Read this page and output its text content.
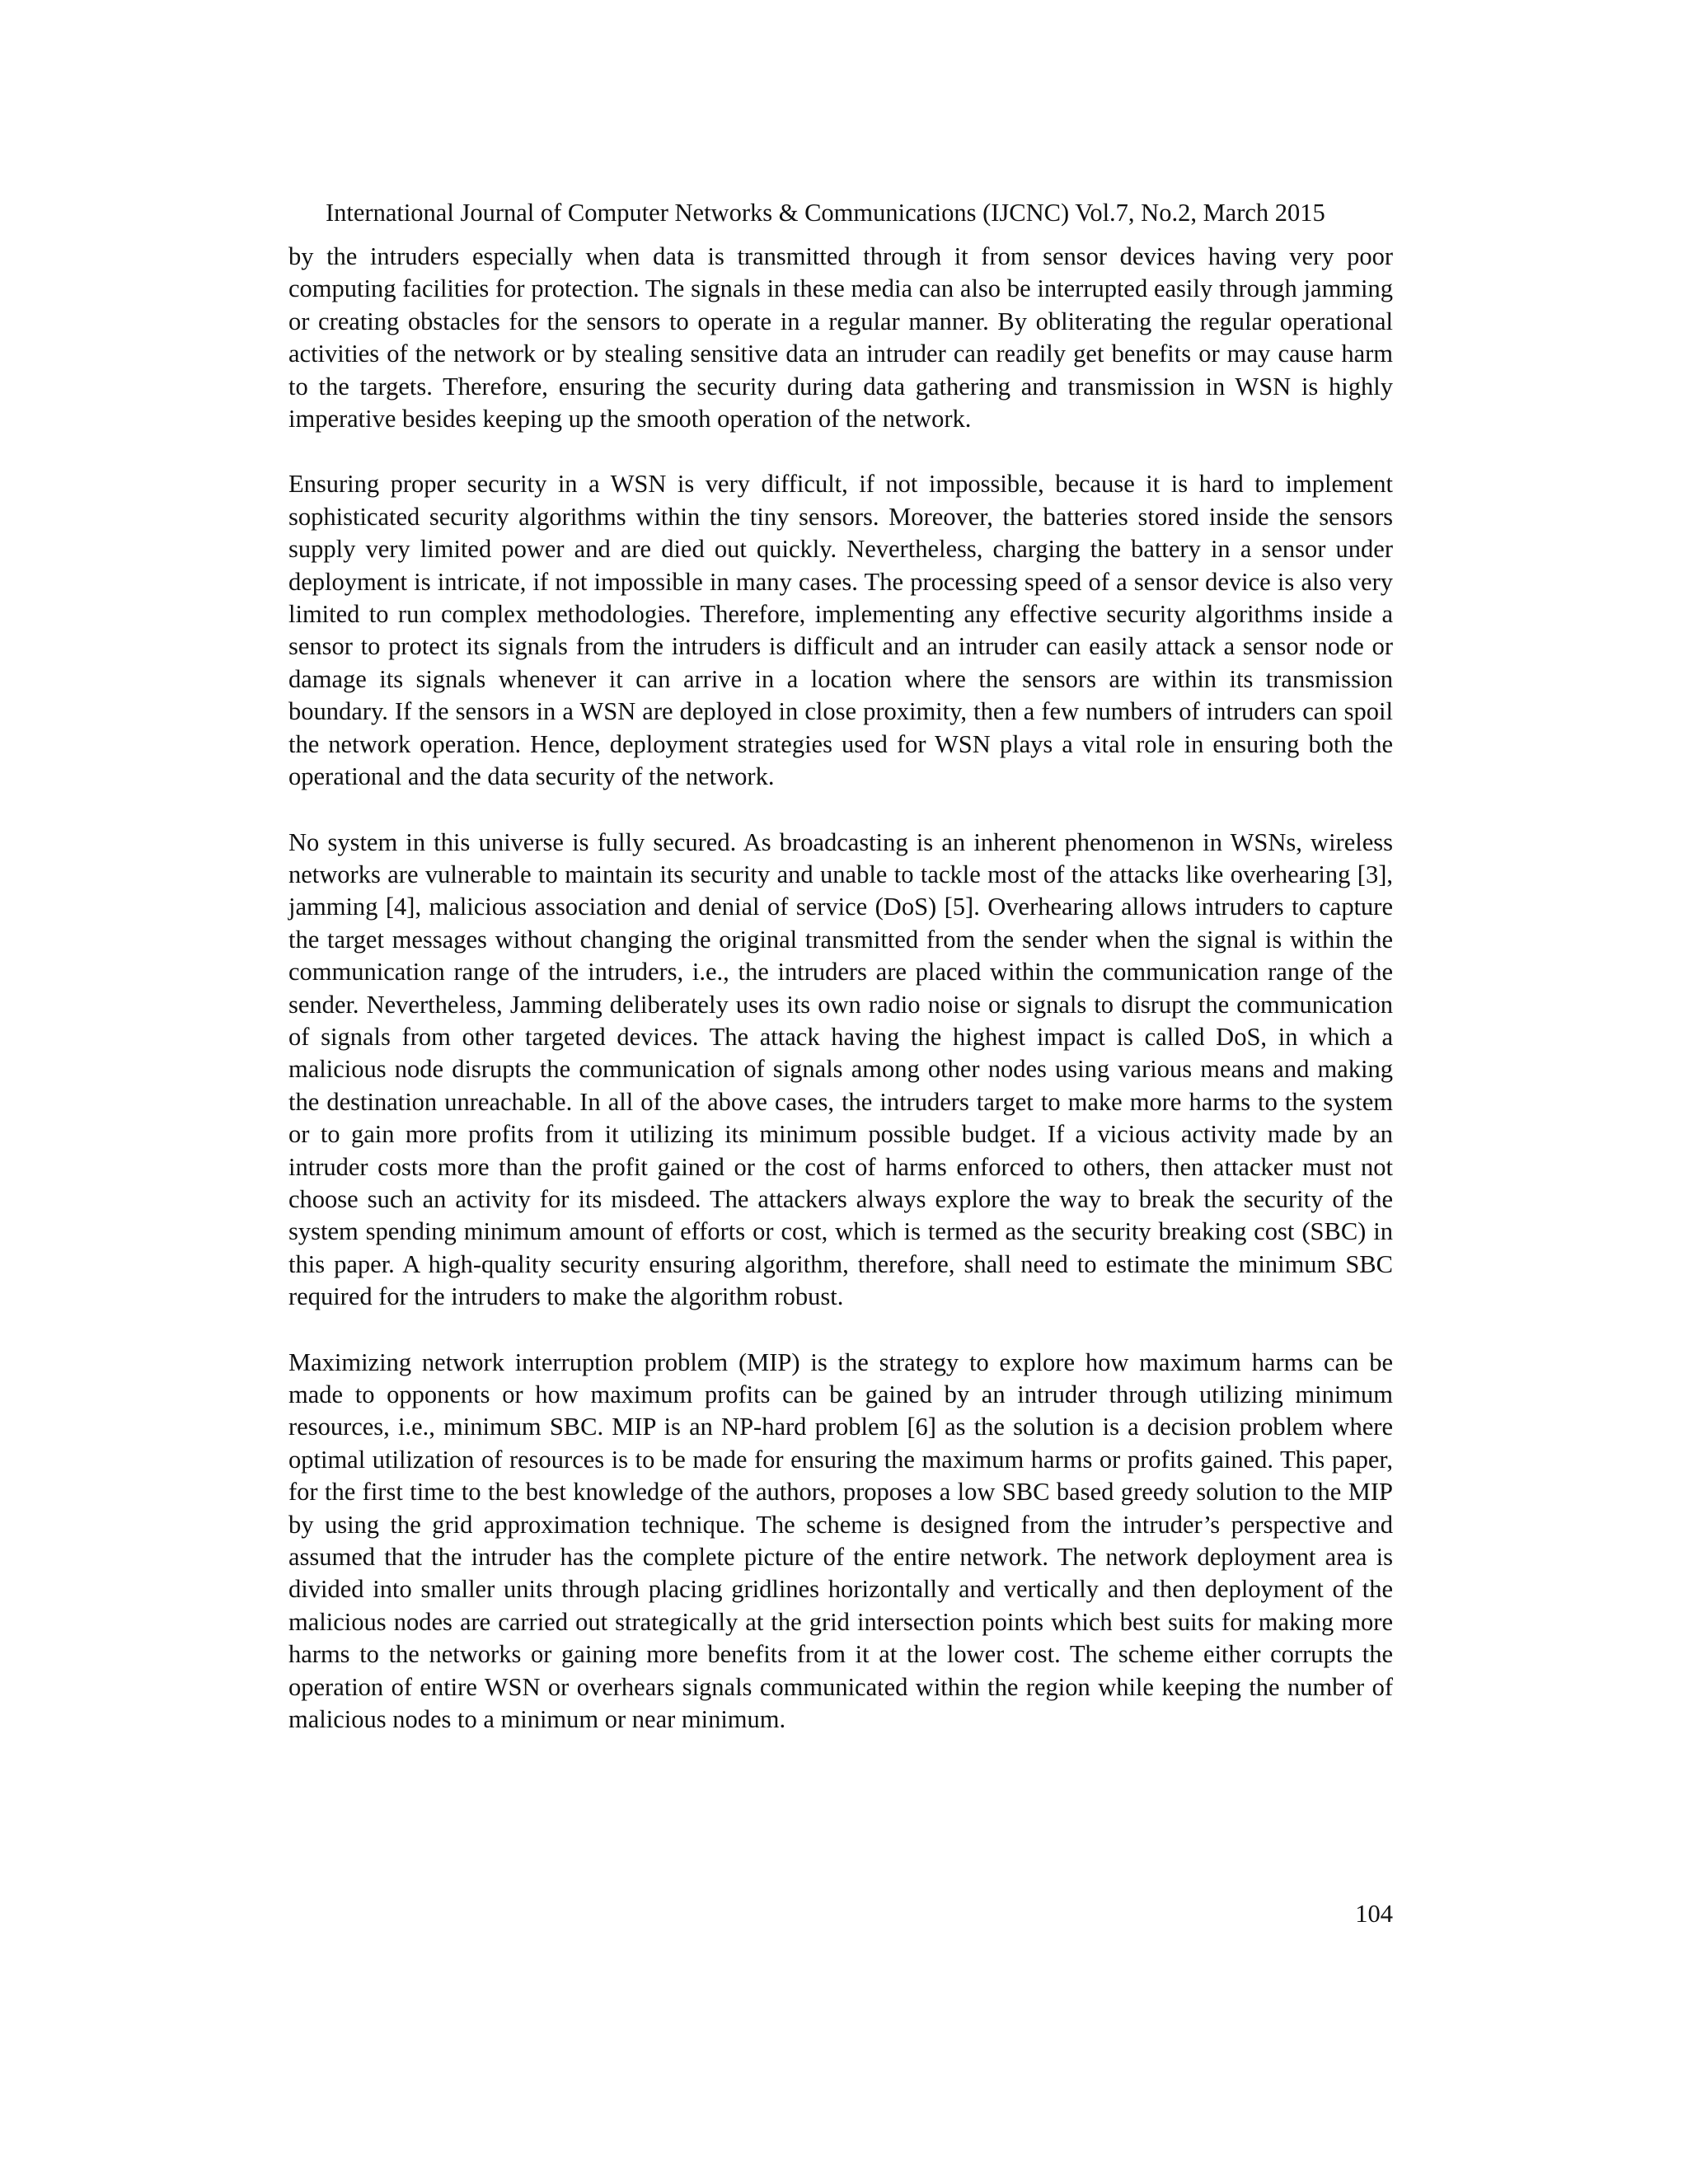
International Journal of Computer Networks & Communications (IJCNC) Vol.7, No.2, March 2015

by the intruders especially when data is transmitted through it from sensor devices having very poor computing facilities for protection. The signals in these media can also be interrupted easily through jamming or creating obstacles for the sensors to operate in a regular manner. By obliterating the regular operational activities of the network or by stealing sensitive data an intruder can readily get benefits or may cause harm to the targets. Therefore, ensuring the security during data gathering and transmission in WSN is highly imperative besides keeping up the smooth operation of the network.

Ensuring proper security in a WSN is very difficult, if not impossible, because it is hard to implement sophisticated security algorithms within the tiny sensors. Moreover, the batteries stored inside the sensors supply very limited power and are died out quickly. Nevertheless, charging the battery in a sensor under deployment is intricate, if not impossible in many cases. The processing speed of a sensor device is also very limited to run complex methodologies. Therefore, implementing any effective security algorithms inside a sensor to protect its signals from the intruders is difficult and an intruder can easily attack a sensor node or damage its signals whenever it can arrive in a location where the sensors are within its transmission boundary. If the sensors in a WSN are deployed in close proximity, then a few numbers of intruders can spoil the network operation. Hence, deployment strategies used for WSN plays a vital role in ensuring both the operational and the data security of the network.

No system in this universe is fully secured. As broadcasting is an inherent phenomenon in WSNs, wireless networks are vulnerable to maintain its security and unable to tackle most of the attacks like overhearing [3], jamming [4], malicious association and denial of service (DoS) [5]. Overhearing allows intruders to capture the target messages without changing the original transmitted from the sender when the signal is within the communication range of the intruders, i.e., the intruders are placed within the communication range of the sender. Nevertheless, Jamming deliberately uses its own radio noise or signals to disrupt the communication of signals from other targeted devices. The attack having the highest impact is called DoS, in which a malicious node disrupts the communication of signals among other nodes using various means and making the destination unreachable. In all of the above cases, the intruders target to make more harms to the system or to gain more profits from it utilizing its minimum possible budget. If a vicious activity made by an intruder costs more than the profit gained or the cost of harms enforced to others, then attacker must not choose such an activity for its misdeed. The attackers always explore the way to break the security of the system spending minimum amount of efforts or cost, which is termed as the security breaking cost (SBC) in this paper. A high-quality security ensuring algorithm, therefore, shall need to estimate the minimum SBC required for the intruders to make the algorithm robust.

Maximizing network interruption problem (MIP) is the strategy to explore how maximum harms can be made to opponents or how maximum profits can be gained by an intruder through utilizing minimum resources, i.e., minimum SBC. MIP is an NP-hard problem [6] as the solution is a decision problem where optimal utilization of resources is to be made for ensuring the maximum harms or profits gained. This paper, for the first time to the best knowledge of the authors, proposes a low SBC based greedy solution to the MIP by using the grid approximation technique. The scheme is designed from the intruder’s perspective and assumed that the intruder has the complete picture of the entire network. The network deployment area is divided into smaller units through placing gridlines horizontally and vertically and then deployment of the malicious nodes are carried out strategically at the grid intersection points which best suits for making more harms to the networks or gaining more benefits from it at the lower cost. The scheme either corrupts the operation of entire WSN or overhears signals communicated within the region while keeping the number of malicious nodes to a minimum or near minimum.

104
